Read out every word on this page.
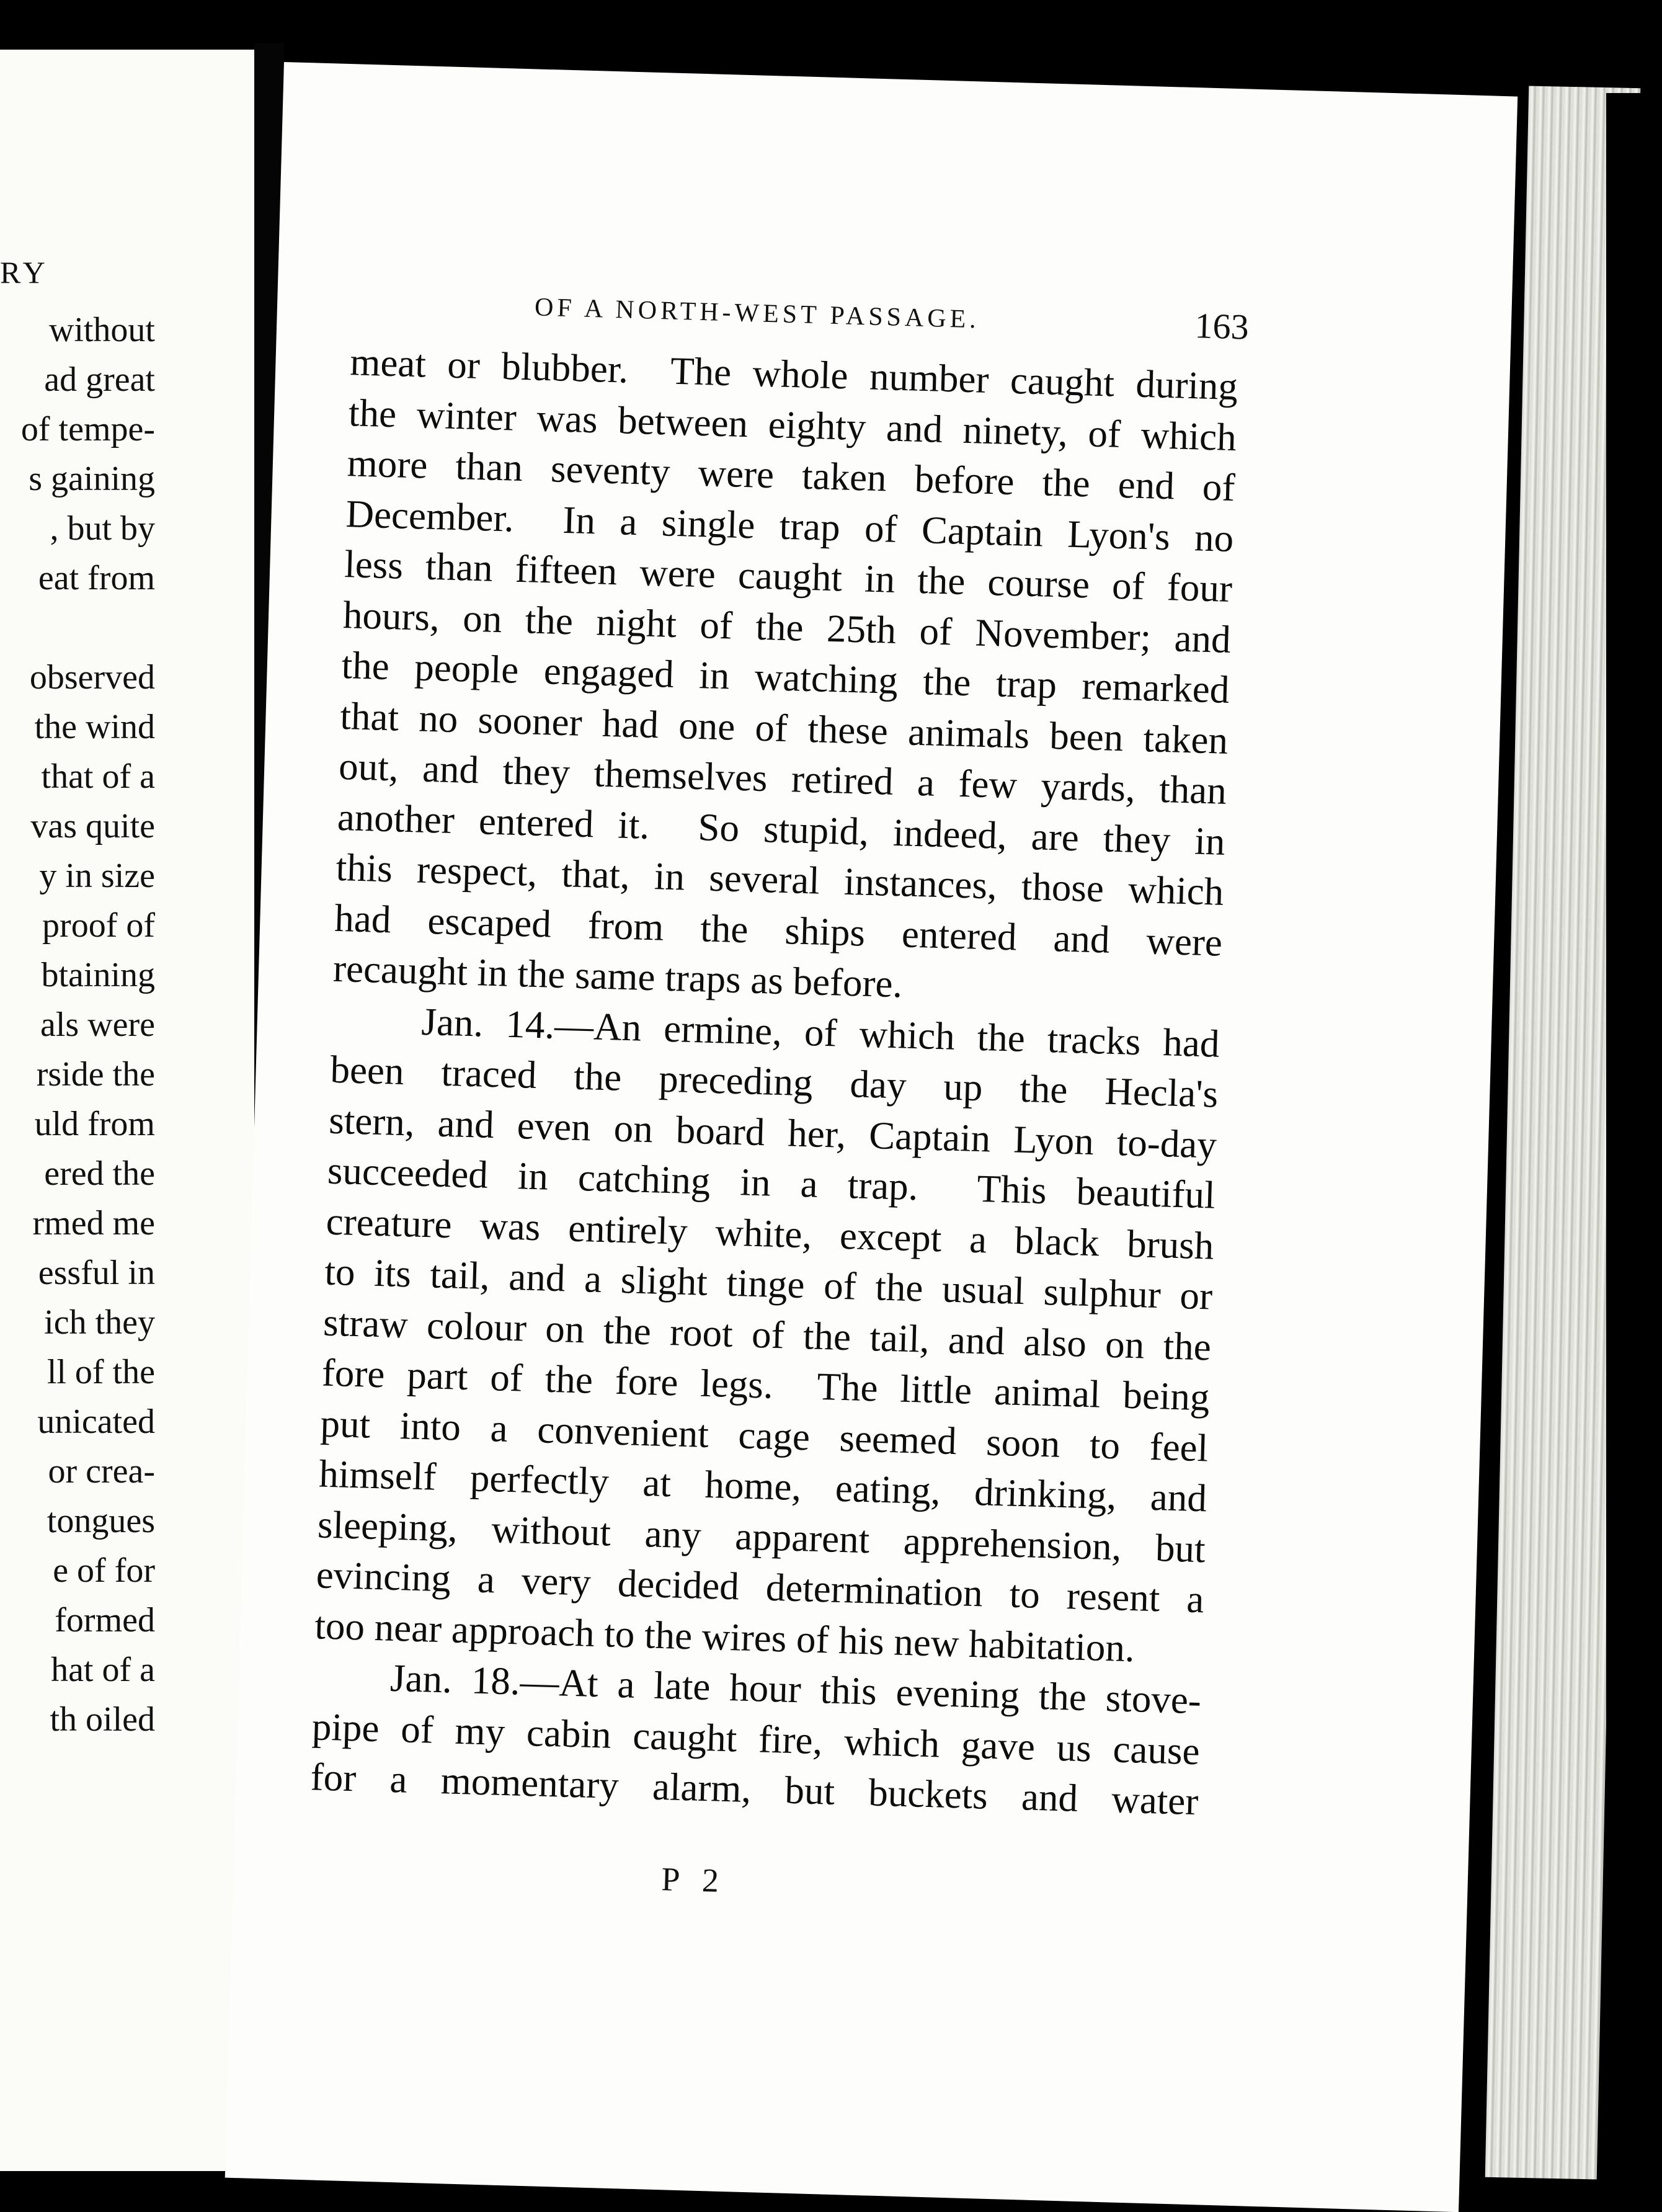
RY
without
ad great
of tempe-
s gaining
, but by
eat from
observed
the wind
that of a
vas quite
y in size
proof of
btaining
als were
rside the
uld from
ered the
rmed me
essful in
ich they
ll of the
unicated
or crea-
tongues
e of for
formed
hat of a
th oiled
OF A NORTH-WEST PASSAGE.	163
meat or blubber.  The whole number caught during
the winter was between eighty and ninety, of which
more than seventy were taken before the end of
December.  In a single trap of Captain Lyon's no
less than fifteen were caught in the course of four
hours, on the night of the 25th of November; and
the people engaged in watching the trap remarked
that no sooner had one of these animals been taken
out, and they themselves retired a few yards, than
another entered it.  So stupid, indeed, are they in
this respect, that, in several instances, those which
had escaped from the ships entered and were
recaught in the same traps as before.
Jan. 14.—An ermine, of which the tracks had
been traced the preceding day up the Hecla's
stern, and even on board her, Captain Lyon to-day
succeeded in catching in a trap.  This beautiful
creature was entirely white, except a black brush
to its tail, and a slight tinge of the usual sulphur or
straw colour on the root of the tail, and also on the
fore part of the fore legs.  The little animal being
put into a convenient cage seemed soon to feel
himself perfectly at home, eating, drinking, and
sleeping, without any apparent apprehension, but
evincing a very decided determination to resent a
too near approach to the wires of his new habitation.
Jan. 18.—At a late hour this evening the stove-
pipe of my cabin caught fire, which gave us cause
for a momentary alarm, but buckets and water
P 2
